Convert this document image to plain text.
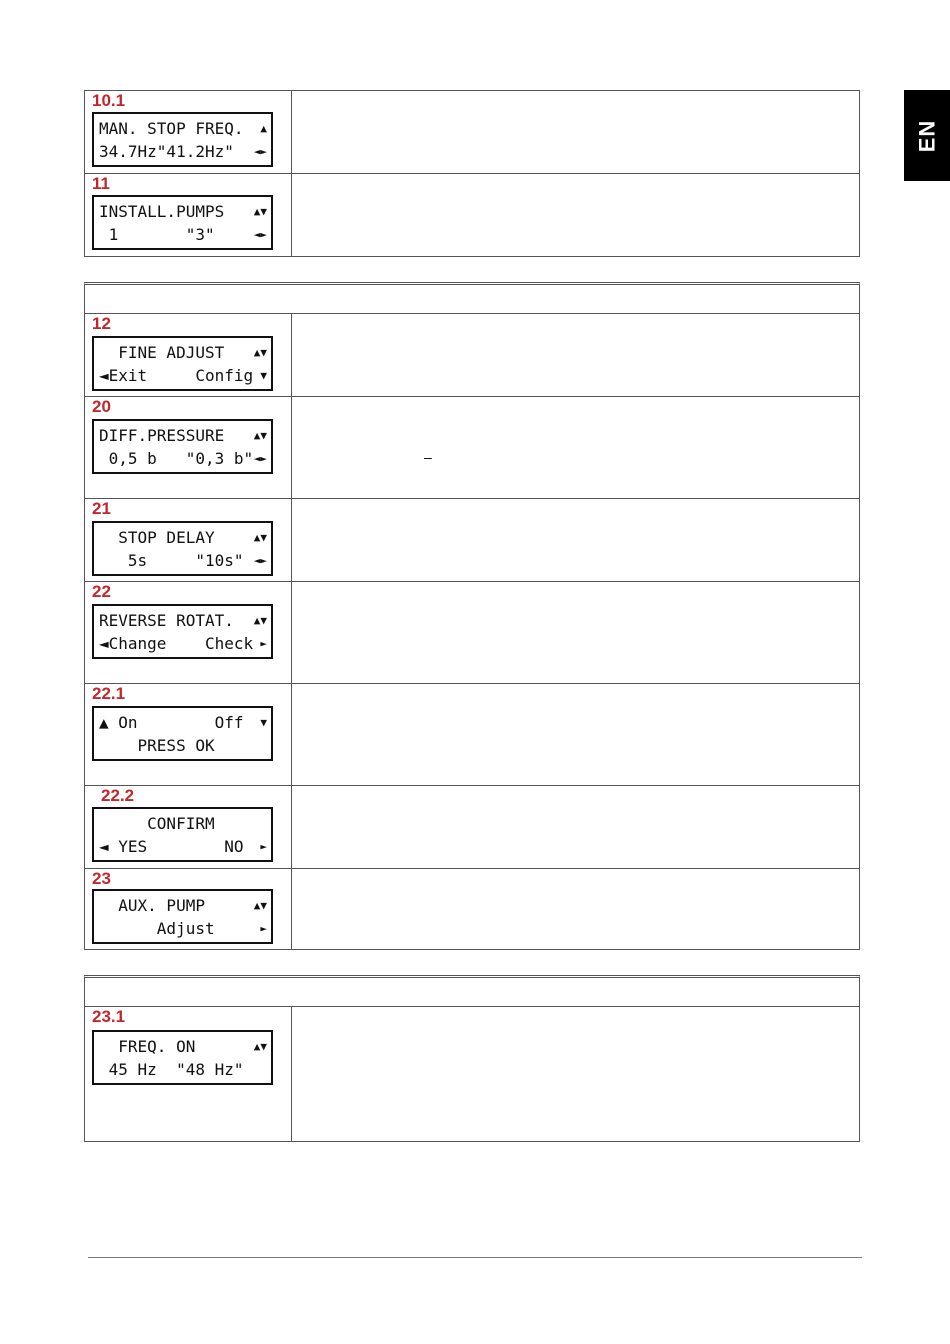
EN
10.1
MAN. STOP FREQ.	▲
34.7Hz"41.2Hz"	◄►
11
INSTALL.PUMPS	▲▼
1       "3"	◄►
12
FINE ADJUST	▲▼
◄Exit     Config ▼
20
DIFF.PRESSURE	▲▼
0,5 b   "0,3 b" ◄►	–
21
STOP DELAY	▲▼
5s     "10s" ◄►
22
REVERSE ROTAT.	▲▼
◄Change    Check ►
22.1
▲ On        Off	▼
PRESS OK
22.2
CONFIRM
◄ YES        NO	►
23
AUX. PUMP	▲▼
Adjust	►
23.1
FREQ. ON	▲▼
45 Hz  "48 Hz"
